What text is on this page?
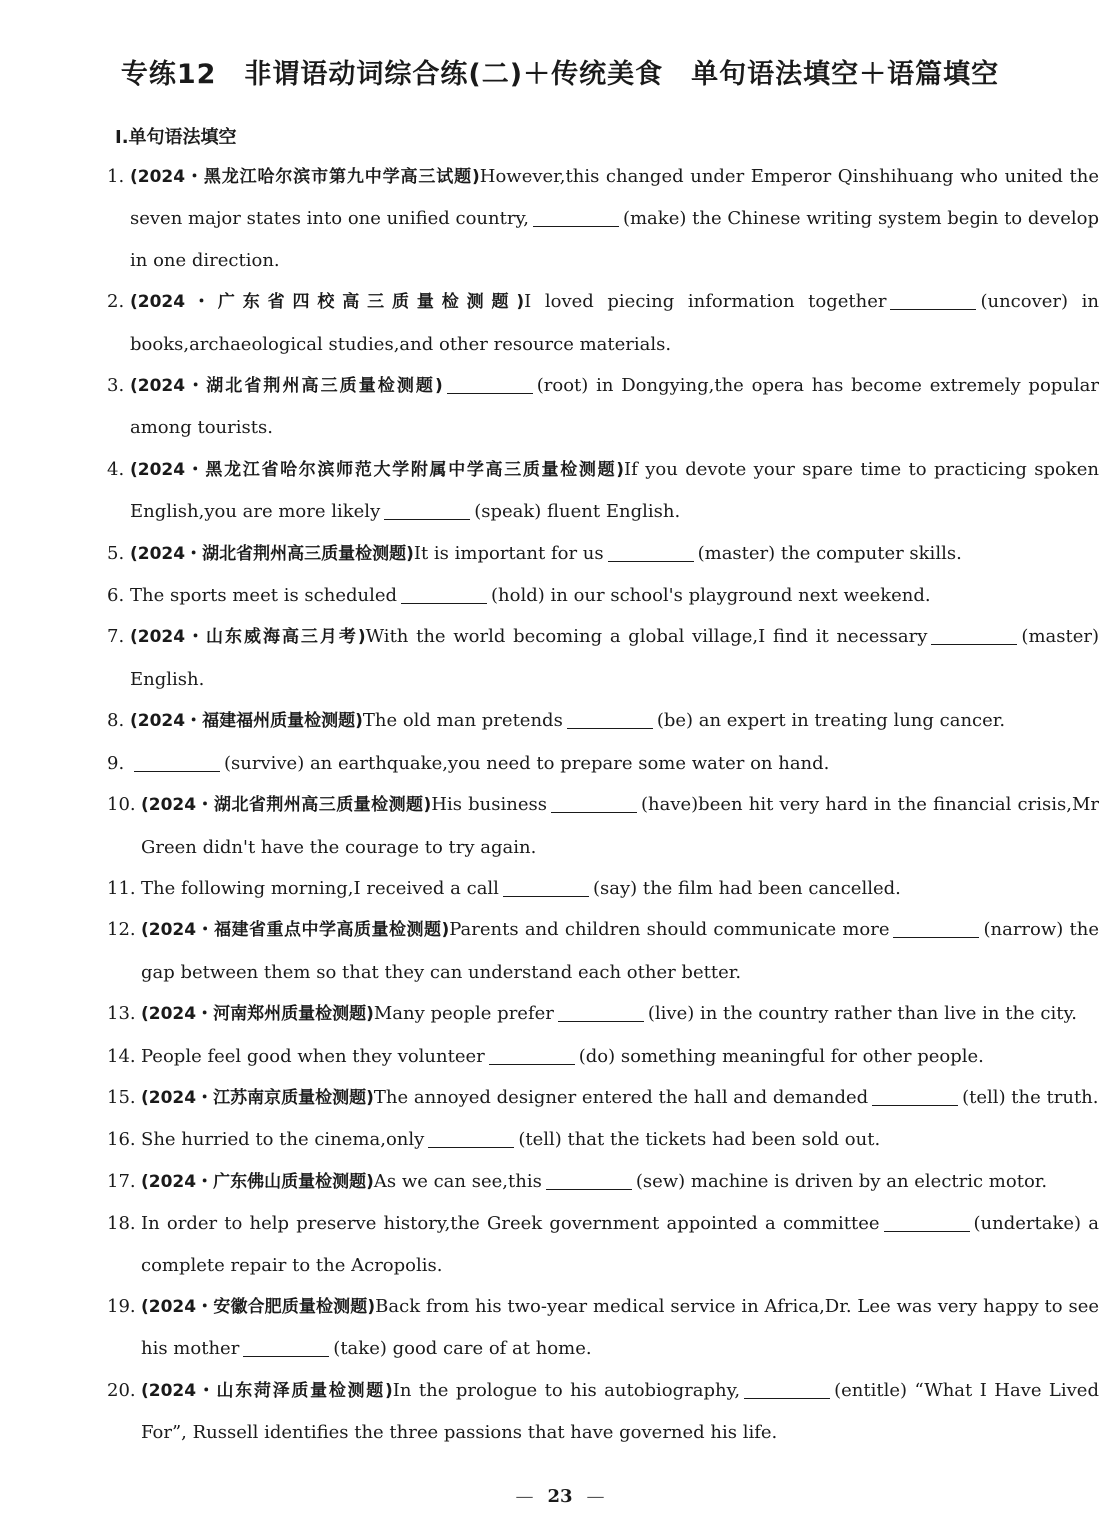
专练12　非谓语动词综合练(二)＋传统美食　单句语法填空＋语篇填空
Ⅰ.单句语法填空
1. (2024・黑龙江哈尔滨市第九中学高三试题)However,this changed under Emperor Qinshihuang who united the seven major states into one unified country,	(make) the Chinese writing system begin to develop in one direction.
2. (2024・广东省四校高三质量检测题)I loved piecing information together	(uncover) in books,archaeological studies,and other resource materials.
3. (2024・湖北省荆州高三质量检测题)	(root) in Dongying,the opera has become extremely popular among tourists.
4. (2024・黑龙江省哈尔滨师范大学附属中学高三质量检测题)If you devote your spare time to practicing spoken English,you are more likely	(speak) fluent English.
5. (2024・湖北省荆州高三质量检测题)It is important for us	(master) the computer skills.
6. The sports meet is scheduled	(hold) in our school's playground next weekend.
7. (2024・山东威海高三月考)With the world becoming a global village,I find it necessary	(master) English.
8. (2024・福建福州质量检测题)The old man pretends	(be) an expert in treating lung cancer.
9.	(survive) an earthquake,you need to prepare some water on hand.
10. (2024・湖北省荆州高三质量检测题)His business	(have)been hit very hard in the financial crisis,Mr Green didn't have the courage to try again.
11. The following morning,I received a call	(say) the film had been cancelled.
12. (2024・福建省重点中学高质量检测题)Parents and children should communicate more	(narrow) the gap between them so that they can understand each other better.
13. (2024・河南郑州质量检测题)Many people prefer	(live) in the country rather than live in the city.
14. People feel good when they volunteer	(do) something meaningful for other people.
15. (2024・江苏南京质量检测题)The annoyed designer entered the hall and demanded	(tell) the truth.
16. She hurried to the cinema,only	(tell) that the tickets had been sold out.
17. (2024・广东佛山质量检测题)As we can see,this	(sew) machine is driven by an electric motor.
18. In order to help preserve history,the Greek government appointed a committee	(undertake) a complete repair to the Acropolis.
19. (2024・安徽合肥质量检测题)Back from his two-year medical service in Africa,Dr. Lee was very happy to see his mother	(take) good care of at home.
20. (2024・山东菏泽质量检测题)In the prologue to his autobiography,	(entitle) “What I Have Lived For”, Russell identifies the three passions that have governed his life.
— 23 —
